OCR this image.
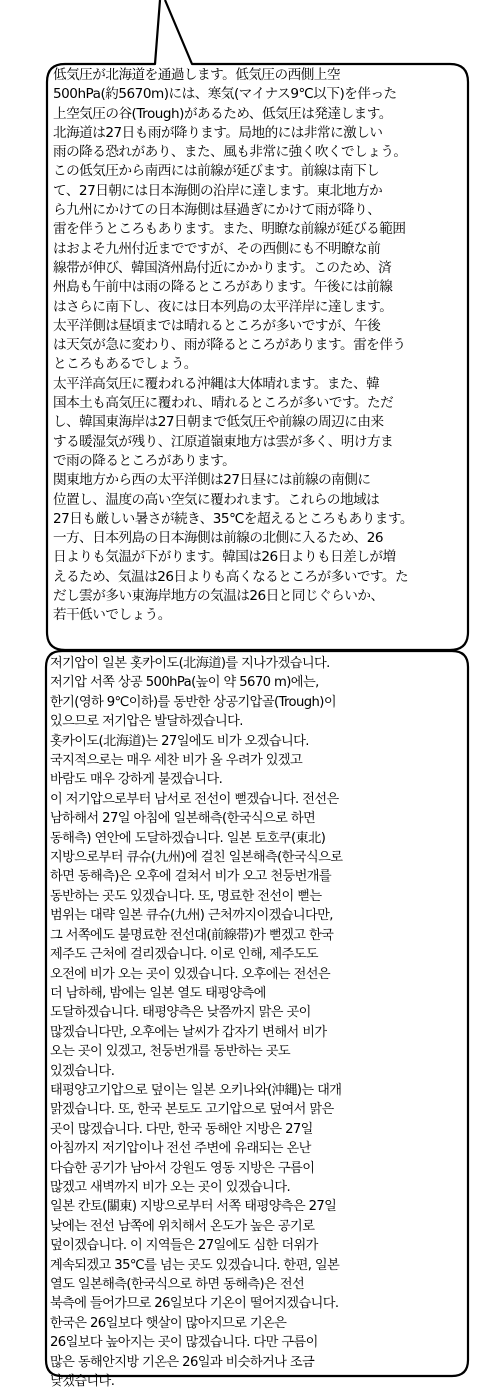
低気圧が北海道を通過します。低気圧の西側上空
500hPa(約5670m)には、寒気(マイナス9℃以下)を伴った
上空気圧の谷(Trough)があるため、低気圧は発達します。
北海道は27日も雨が降ります。局地的には非常に激しい
雨の降る恐れがあり、また、風も非常に強く吹くでしょう。
この低気圧から南西には前線が延びます。前線は南下し
て、27日朝には日本海側の沿岸に達します。東北地方か
ら九州にかけての日本海側は昼過ぎにかけて雨が降り、
雷を伴うところもあります。また、明瞭な前線が延びる範囲
はおよそ九州付近までですが、その西側にも不明瞭な前
線帯が伸び、韓国済州島付近にかかります。このため、済
州島も午前中は雨の降るところがあります。午後には前線
はさらに南下し、夜には日本列島の太平洋岸に達します。
太平洋側は昼頃までは晴れるところが多いですが、午後
は天気が急に変わり、雨が降るところがあります。雷を伴う
ところもあるでしょう。
太平洋高気圧に覆われる沖縄は大体晴れます。また、韓
国本土も高気圧に覆われ、晴れるところが多いです。ただ
し、韓国東海岸は27日朝まで低気圧や前線の周辺に由来
する暖湿気が残り、江原道嶺東地方は雲が多く、明け方ま
で雨の降るところがあります。
関東地方から西の太平洋側は27日昼には前線の南側に
位置し、温度の高い空気に覆われます。これらの地域は
27日も厳しい暑さが続き、35℃を超えるところもあります。
一方、日本列島の日本海側は前線の北側に入るため、26
日よりも気温が下がります。韓国は26日よりも日差しが増
えるため、気温は26日よりも高くなるところが多いです。た
だし雲が多い東海岸地方の気温は26日と同じぐらいか、
若干低いでしょう。
저기압이 일본 홋카이도(北海道)를 지나가겠습니다.
저기압 서쪽 상공 500hPa(높이 약 5670 m)에는,
한기(영하 9℃이하)를 동반한 상공기압골(Trough)이
있으므로 저기압은 발달하겠습니다.
홋카이도(北海道)는 27일에도 비가 오겠습니다.
국지적으로는 매우 세찬 비가 올 우려가 있겠고
바람도 매우 강하게 불겠습니다.
이 저기압으로부터 남서로 전선이 뻗겠습니다. 전선은
남하해서 27일 아침에 일본해측(한국식으로 하면
동해측) 연안에 도달하겠습니다. 일본 토호쿠(東北)
지방으로부터 큐슈(九州)에 걸친 일본해측(한국식으로
하면 동해측)은 오후에 걸쳐서 비가 오고 천둥번개를
동반하는 곳도 있겠습니다. 또, 명료한 전선이 뻗는
범위는 대략 일본 큐슈(九州) 근처까지이겠습니다만,
그 서쪽에도 불명료한 전선대(前線帯)가 뻗겠고 한국
제주도 근처에 걸리겠습니다. 이로 인해, 제주도도
오전에 비가 오는 곳이 있겠습니다. 오후에는 전선은
더 남하해, 밤에는 일본 열도 태평양측에
도달하겠습니다. 태평양측은 낮쯤까지 맑은 곳이
많겠습니다만, 오후에는 날씨가 갑자기 변해서 비가
오는 곳이 있겠고, 천둥번개를 동반하는 곳도
있겠습니다.
태평양고기압으로 덮이는 일본 오키나와(沖縄)는 대개
맑겠습니다. 또, 한국 본토도 고기압으로 덮여서 맑은
곳이 많겠습니다. 다만, 한국 동해안 지방은 27일
아침까지 저기압이나 전선 주변에 유래되는 온난
다습한 공기가 남아서 강원도 영동 지방은 구름이
많겠고 새벽까지 비가 오는 곳이 있겠습니다.
일본 칸토(關東) 지방으로부터 서쪽 태평양측은 27일
낮에는 전선 남쪽에 위치해서 온도가 높은 공기로
덮이겠습니다. 이 지역들은 27일에도 심한 더위가
계속되겠고 35℃를 넘는 곳도 있겠습니다. 한편, 일본
열도 일본해측(한국식으로 하면 동해측)은 전선
북측에 들어가므로 26일보다 기온이 떨어지겠습니다.
한국은 26일보다 햇살이 많아지므로 기온은
26일보다 높아지는 곳이 많겠습니다. 다만 구름이
많은 동해안지방 기온은 26일과 비슷하거나 조금
낮겠습니다.
